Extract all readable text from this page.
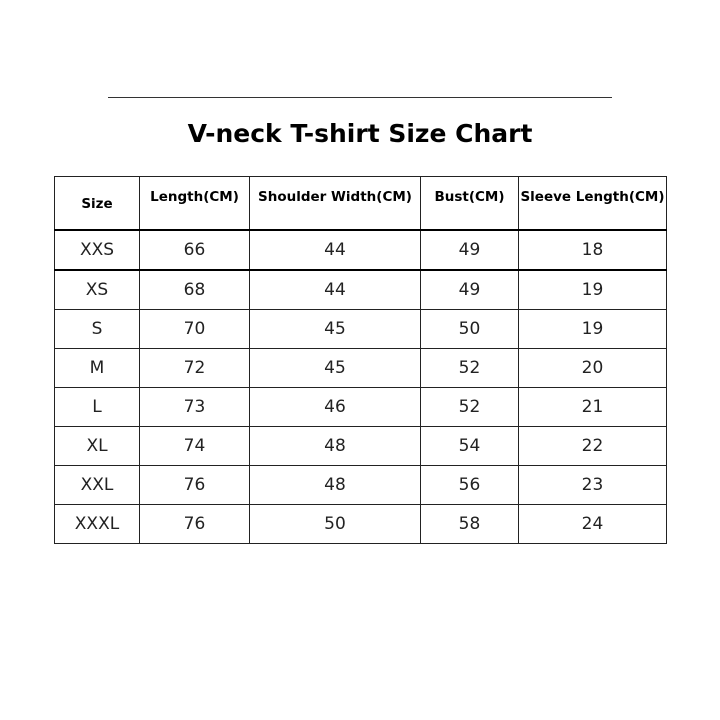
V-neck T-shirt Size Chart
Size	Length(CM)	Shoulder Width(CM)	Bust(CM)	Sleeve Length(CM)
XXS	66	44	49	18
XS	68	44	49	19
S	70	45	50	19
M	72	45	52	20
L	73	46	52	21
XL	74	48	54	22
XXL	76	48	56	23
XXXL	76	50	58	24
